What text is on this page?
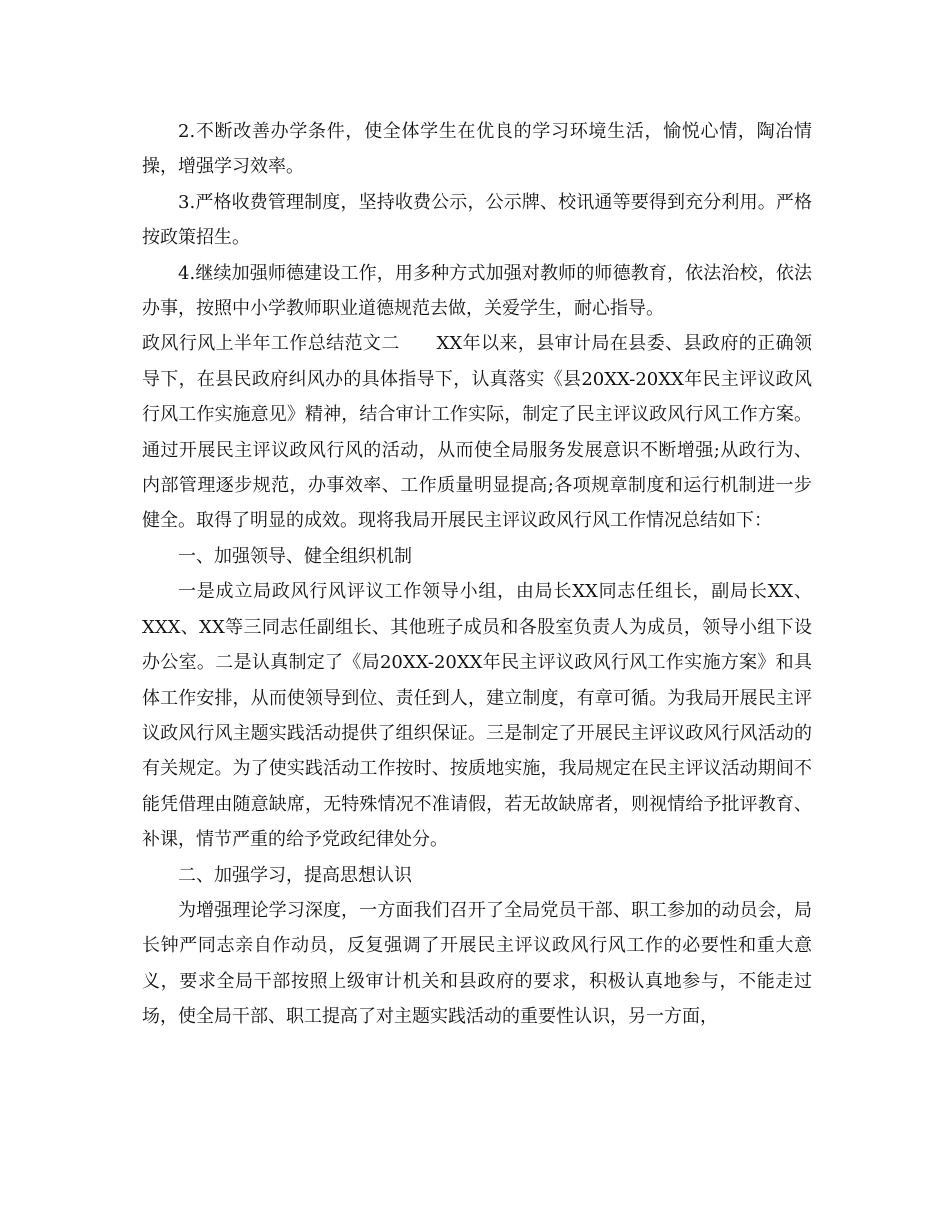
2.不断改善办学条件，使全体学生在优良的学习环境生活，愉悦心情，陶冶情操，增强学习效率。

3.严格收费管理制度，坚持收费公示，公示牌、校讯通等要得到充分利用。严格按政策招生。

4.继续加强师德建设工作，用多种方式加强对教师的师德教育，依法治校，依法办事，按照中小学教师职业道德规范去做，关爱学生，耐心指导。

政风行风上半年工作总结范文二      XX年以来，县审计局在县委、县政府的正确领导下，在县民政府纠风办的具体指导下，认真落实《县20XX-20XX年民主评议政风行风工作实施意见》精神，结合审计工作实际，制定了民主评议政风行风工作方案。通过开展民主评议政风行风的活动，从而使全局服务发展意识不断增强;从政行为、内部管理逐步规范，办事效率、工作质量明显提高;各项规章制度和运行机制进一步健全。取得了明显的成效。现将我局开展民主评议政风行风工作情况总结如下：

一、加强领导、健全组织机制

一是成立局政风行风评议工作领导小组，由局长XX同志任组长，副局长XX、XXX、XX等三同志任副组长、其他班子成员和各股室负责人为成员，领导小组下设办公室。二是认真制定了《局20XX-20XX年民主评议政风行风工作实施方案》和具体工作安排，从而使领导到位、责任到人，建立制度，有章可循。为我局开展民主评议政风行风主题实践活动提供了组织保证。三是制定了开展民主评议政风行风活动的有关规定。为了使实践活动工作按时、按质地实施，我局规定在民主评议活动期间不能凭借理由随意缺席，无特殊情况不准请假，若无故缺席者，则视情给予批评教育、补课，情节严重的给予党政纪律处分。

二、加强学习，提高思想认识

为增强理论学习深度，一方面我们召开了全局党员干部、职工参加的动员会，局长钟严同志亲自作动员，反复强调了开展民主评议政风行风工作的必要性和重大意义，要求全局干部按照上级审计机关和县政府的要求，积极认真地参与，不能走过场，使全局干部、职工提高了对主题实践活动的重要性认识，另一方面，
